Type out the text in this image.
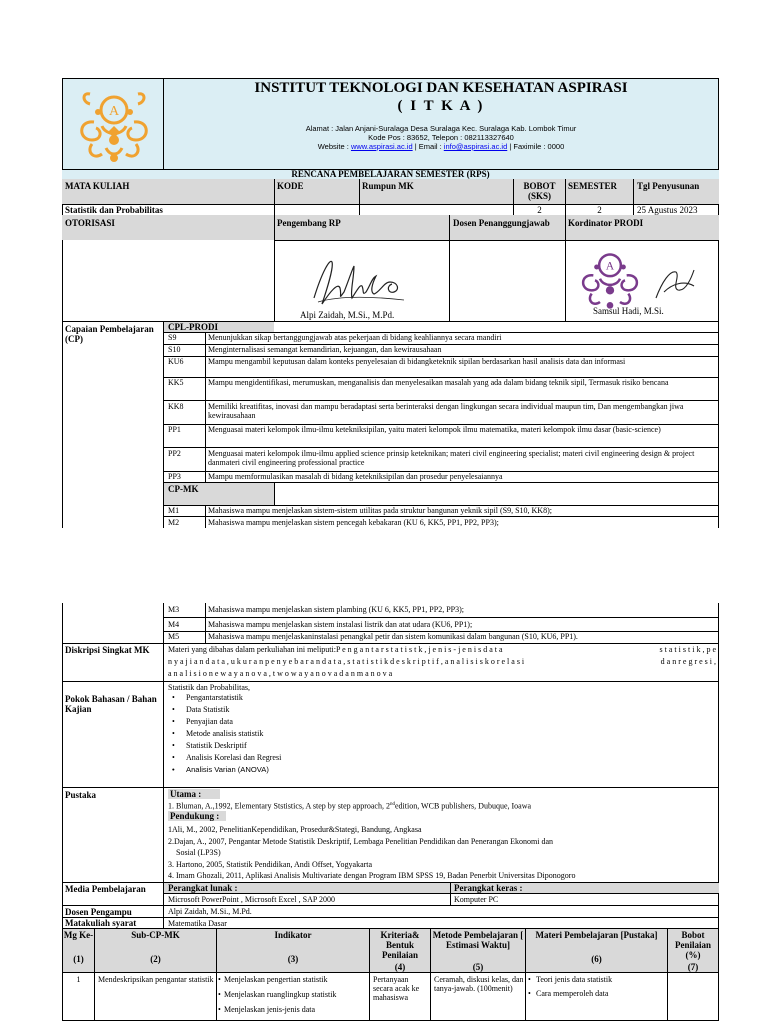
A
INSTITUT TEKNOLOGI DAN KESEHATAN ASPIRASI
( I T K A )
Alamat : Jalan Anjani-Suralaga Desa Suralaga Kec. Suralaga Kab. Lombok Timur
Kode Pos : 83652, Telepon : 082113327640
Website : www.aspirasi.ac.id | Email : info@aspirasi.ac.id | Faximile : 0000
RENCANA PEMBELAJARAN SEMESTER (RPS)
MATA KULIAH	KODE	Rumpun MK	BOBOT (SKS)
SEMESTER Tgl Penyusunan
Statistik dan Probabilitas	2	2	25 Agustus 2023
OTORISASI	Pengembang RP	Dosen Penanggungjawab	Kordinator PRODI
Alpi Zaidah, M.Si., M.Pd.
A
Samsul Hadi, M.Si.
Capaian Pembelajaran (CP)
CPL-PRODI
S9	Menunjukkan sikap bertanggungjawab atas pekerjaan di bidang keahliannya secara mandiri
S10	Menginternalisasi semangat kemandirian, kejuangan, dan kewirausahaan
KU6	Mampu mengambil keputusan dalam konteks penyelesaian di bidangketeknik sipilan berdasarkan hasil analisis data dan informasi
KK5	Mampu mengidentifikasi, merumuskan, menganalisis dan menyelesaikan masalah yang ada dalam bidang teknik sipil, Termasuk risiko bencana
KK8	Memiliki kreatifitas, inovasi dan mampu beradaptasi serta berinteraksi dengan lingkungan secara individual maupun tim, Dan mengembangkan jiwa kewirausahaan
PP1	Menguasai materi kelompok ilmu-ilmu ketekniksipilan, yaitu materi kelompok ilmu matematika, materi kelompok ilmu dasar (basic-science)
PP2	Menguasai materi kelompok ilmu-ilmu applied science prinsip keteknikan; materi civil engineering specialist; materi civil engineering design & project danmateri civil engineering professional practice
PP3	Mampu memformulasikan masalah di bidang ketekniksipilan dan prosedur penyelesaiannya
CP-MK
M1	Mahasiswa mampu menjelaskan sistem-sistem utilitas pada struktur bangunan yeknik sipil (S9, S10, KK8);
M2	Mahasiswa mampu menjelaskan sistem pencegah kebakaran (KU 6, KK5, PP1, PP2, PP3);
M3	Mahasiswa mampu menjelaskan sistem plambing (KU 6, KK5, PP1, PP2, PP3);
M4	Mahasiswa mampu menjelaskan sistem instalasi listrik dan atat udara (KU6, PP1);
M5	Mahasiswa mampu menjelaskaninstalasi penangkal petir dan sistem komunikasi dalam bangunan (S10, KU6, PP1).
Diskripsi Singkat MK	Materi yang dibahas dalam perkuliahan ini meliputi:P e n g a n t a r s t a t i s t k , j e n i s - j e n i s d a t a	s t a t i s t i k , p e
n y a j i a n d a t a , u k u r a n p e n y e b a r a n d a t a , s t a t i s t i k d e s k r i p t i f , a n a l i s i s k o r e l a s i	d a n r e g r e s i ,
a n a l i s i o n e w a y a n o v a , t w o w a y a n o v a d a n m a n o v a
Pokok Bahasan / Bahan Kajian
Statistik dan Probabilitas,
• Pengantarstatistik
• Data Statistik
• Penyajian data
• Metode analisis statistik
• Statistik Deskriptif
• Analisis Korelasi dan Regresi
• Analisis Varian (ANOVA)
Pustaka	Utama :
1. Bluman, A.,1992, Elementary Ststistics, A step by step approach, 2ndedition, WCB publishers, Dubuque, Ioawa
Pendukung :
1Ali, M., 2002, PenelitianKependidikan, Prosedur&Stategi, Bandung, Angkasa
2.Dajan, A., 2007, Pengantar Metode Statistik Deskriptif, Lembaga Penelitian Pendidikan dan Penerangan Ekonomi dan
Sosial (LP3S)
3. Hartono, 2005, Statistik Pendidikan, Andi Offset, Yogyakarta
4. Imam Ghozali, 2011, Aplikasi Analisis Multivariate dengan Program IBM SPSS 19, Badan Penerbit Universitas Diponogoro
Media Pembelajaran Perangkat lunak :	Perangkat keras :
Microsoft PowerPoint , Microsoft Excel , SAP 2000	Komputer PC
Dosen Pengampu	Alpi Zaidah, M.Si., M.Pd.
Matakuliah syarat	Matematika Dasar
Mg Ke-
(1)
Sub-CP-MK
(2)
Indikator
(3)
Kriteria& Bentuk Penilaian
(4)
Metode Pembelajaran [ Estimasi Waktu]
(5)
Materi Pembelajaran [Pustaka]
(6)
Bobot Penilaian (%)
(7)
1	Mendeskripsikan pengantar statistik
•	Menjelaskan pengertian statistik
• Menjelaskan ruanglingkup statistik
• Menjelaskan jenis-jenis data
Pertanyaan secara acak ke mahasiswa
Ceramah, diskusi kelas, dan tanya-jawab. (100menit)
• Teori jenis data statistik
• Cara memperoleh data
